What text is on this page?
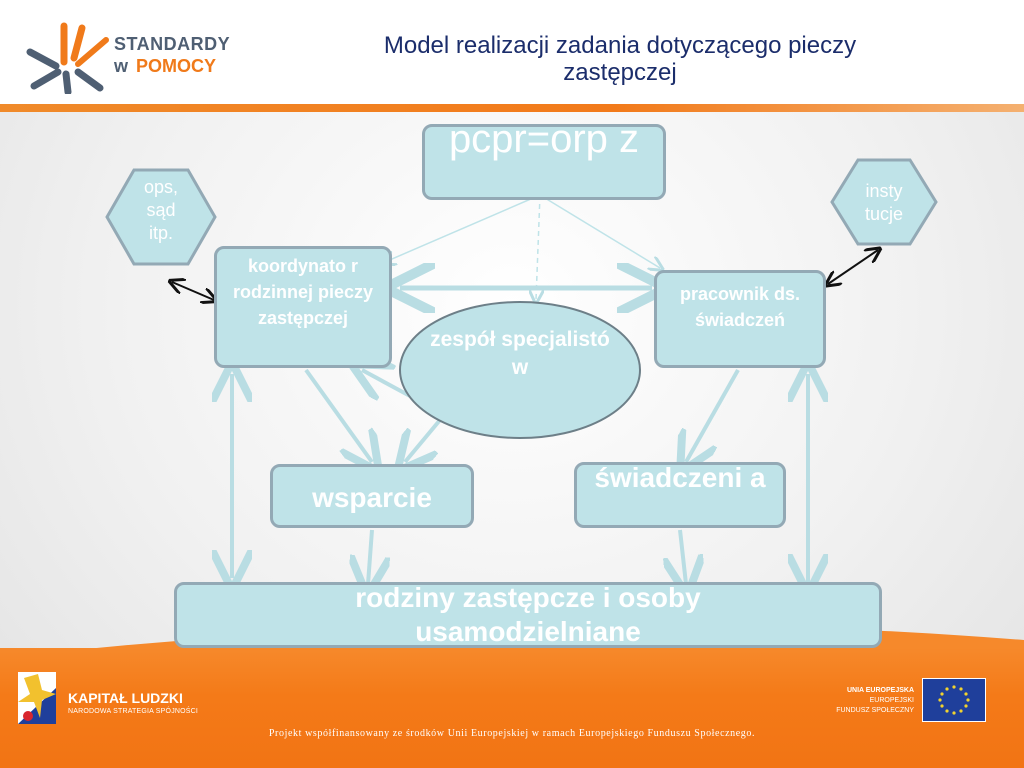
STANDARDY
w POMOCY
Model realizacji zadania dotyczącego pieczy zastępczej
pcpr=orp z
ops, sąd itp.
insty tucje
koordynato r rodzinnej pieczy zastępczej
pracownik ds. świadczeń
zespół specjalistó w
wsparcie
świadczeni a
rodziny zastępcze i osoby usamodzielniane
KAPITAŁ LUDZKI
NARODOWA STRATEGIA SPÓJNOŚCI
UNIA EUROPEJSKA
EUROPEJSKI
FUNDUSZ SPOŁECZNY
Projekt współfinansowany ze środków Unii Europejskiej w ramach Europejskiego Funduszu Społecznego.
